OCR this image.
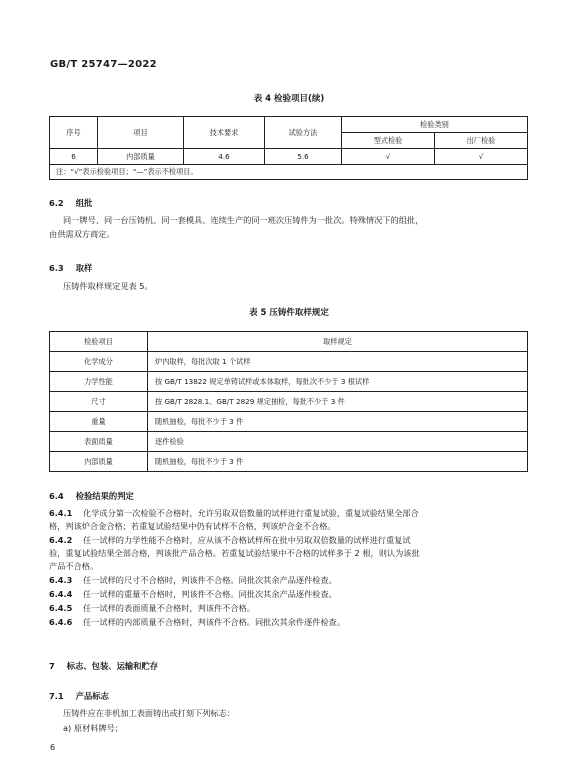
GB/T 25747—2022
表 4 检验项目(续)
序号	项目	技术要求	试验方法	检验类别	
				型式检验	出厂检验
6	内部质量	4.6	5.6	√	√
注：“√”表示检验项目；“—”表示不检项目。					
6.2 组批
同一牌号、同一台压铸机、同一套模具、连续生产的同一班次压铸件为一批次。特殊情况下的组批，
由供需双方商定。
6.3 取样
压铸件取样规定见表 5。
表 5 压铸件取样规定
检验项目	取样规定
化学成分	炉内取样，每批次取 1 个试样
力学性能	按 GB/T 13822 规定单铸试样或本体取样，每批次不少于 3 根试样
尺寸	按 GB/T 2828.1、GB/T 2829 规定抽检，每批不少于 3 件
重量	随机抽检，每批不少于 3 件
表面质量	逐件检验
内部质量	随机抽检，每批不少于 3 件
6.4 检验结果的判定
6.4.1 化学成分第一次检验不合格时，允许另取双倍数量的试样进行重复试验，重复试验结果全部合
格，判该炉合金合格；若重复试验结果中仍有试样不合格，判该炉合金不合格。
6.4.2 任一试样的力学性能不合格时，应从该不合格试样所在批中另取双倍数量的试样进行重复试
验，重复试验结果全部合格，判该批产品合格。若重复试验结果中不合格的试样多于 2 根，则认为该批
产品不合格。
6.4.3 任一试样的尺寸不合格时，判该件不合格。同批次其余产品逐件检查。
6.4.4 任一试样的重量不合格时，判该件不合格。同批次其余产品逐件检查。
6.4.5 任一试样的表面质量不合格时，判该件不合格。
6.4.6 任一试样的内部质量不合格时，判该件不合格。同批次其余件逐件检查。
7 标志、包装、运输和贮存
7.1 产品标志
压铸件应在非机加工表面铸出或打刻下列标志：
a) 原材料牌号；
6
